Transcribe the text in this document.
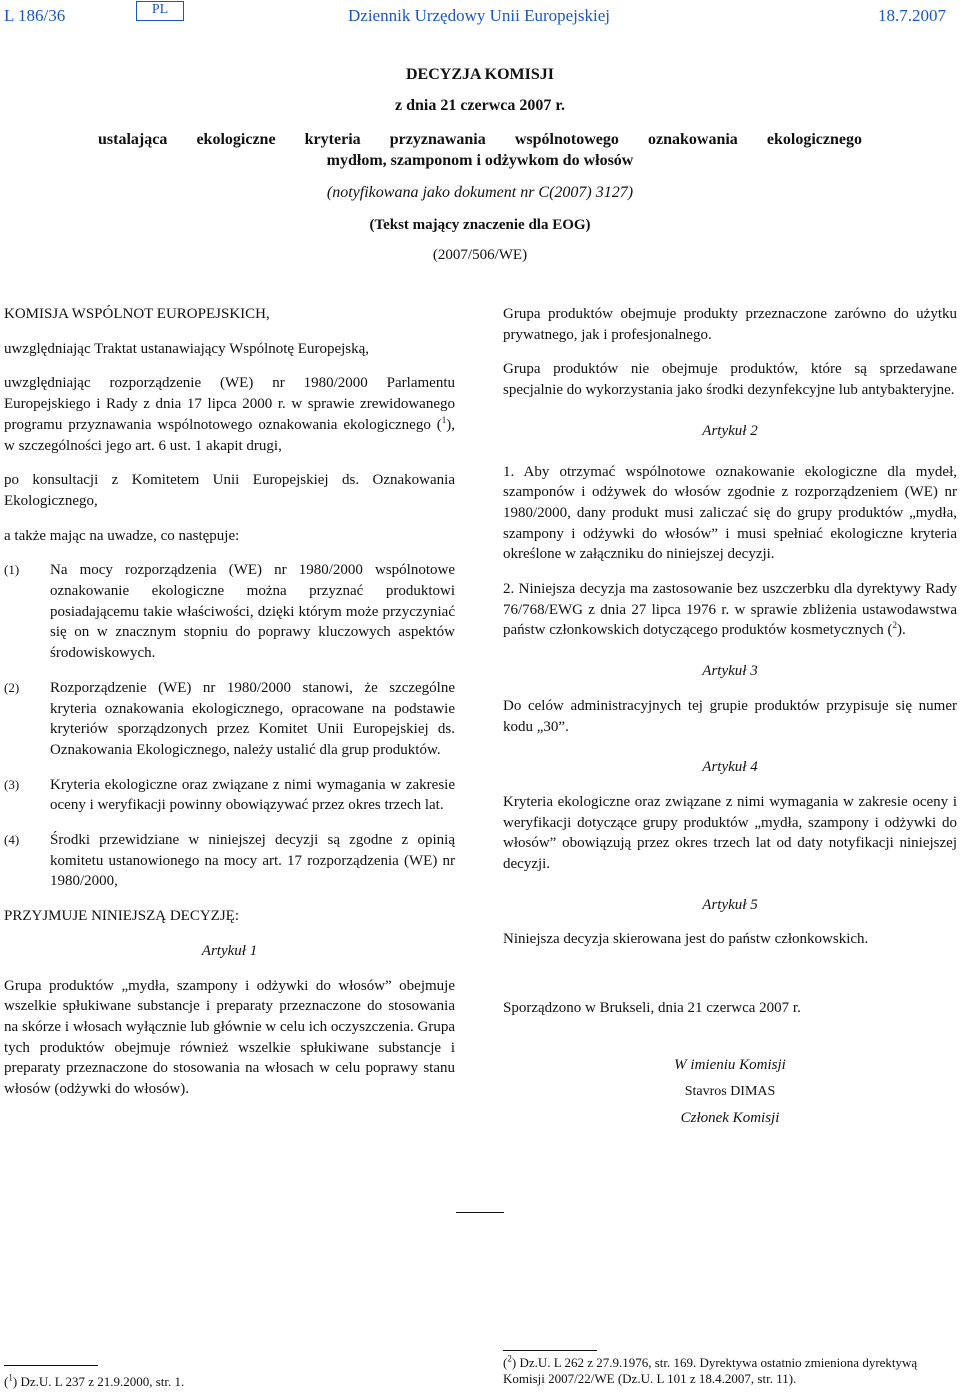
L 186/36	PL	Dziennik Urzędowy Unii Europejskiej	18.7.2007
DECYZJA KOMISJI
z dnia 21 czerwca 2007 r.
ustalająca ekologiczne kryteria przyznawania wspólnotowego oznakowania ekologicznego
mydłom, szamponom i odżywkom do włosów
(notyfikowana jako dokument nr C(2007) 3127)
(Tekst mający znaczenie dla EOG)
(2007/506/WE)

KOMISJA WSPÓLNOT EUROPEJSKICH,

uwzględniając Traktat ustanawiający Wspólnotę Europejską,

uwzględniając rozporządzenie (WE) nr 1980/2000 Parlamentu Europejskiego i Rady z dnia 17 lipca 2000 r. w sprawie zrewidowanego programu przyznawania wspólnotowego oznakowania ekologicznego ($^1$), w szczególności jego art. 6 ust. 1 akapit drugi,

po konsultacji z Komitetem Unii Europejskiej ds. Oznakowania Ekologicznego,

a także mając na uwadze, co następuje:

(1) Na mocy rozporządzenia (WE) nr 1980/2000 wspólnotowe oznakowanie ekologiczne można przyznać produktowi posiadającemu takie właściwości, dzięki którym może przyczyniać się on w znacznym stopniu do poprawy kluczowych aspektów środowiskowych.
(2) Rozporządzenie (WE) nr 1980/2000 stanowi, że szczególne kryteria oznakowania ekologicznego, opracowane na podstawie kryteriów sporządzonych przez Komitet Unii Europejskiej ds. Oznakowania Ekologicznego, należy ustalić dla grup produktów.
(3) Kryteria ekologiczne oraz związane z nimi wymagania w zakresie oceny i weryfikacji powinny obowiązywać przez okres trzech lat.
(4) Środki przewidziane w niniejszej decyzji są zgodne z opinią komitetu ustanowionego na mocy art. 17 rozporządzenia (WE) nr 1980/2000,

PRZYJMUJE NINIEJSZĄ DECYZJĘ:

Artykuł 1

Grupa produktów „mydła, szampony i odżywki do włosów” obejmuje wszelkie spłukiwane substancje i preparaty przeznaczone do stosowania na skórze i włosach wyłącznie lub głównie w celu ich oczyszczenia. Grupa tych produktów obejmuje również wszelkie spłukiwane substancje i preparaty przeznaczone do stosowania na włosach w celu poprawy stanu włosów (odżywki do włosów).

Grupa produktów obejmuje produkty przeznaczone zarówno do użytku prywatnego, jak i profesjonalnego.

Grupa produktów nie obejmuje produktów, które są sprzedawane specjalnie do wykorzystania jako środki dezynfekcyjne lub antybakteryjne.

Artykuł 2

1. Aby otrzymać wspólnotowe oznakowanie ekologiczne dla mydeł, szamponów i odżywek do włosów zgodnie z rozporządzeniem (WE) nr 1980/2000, dany produkt musi zaliczać się do grupy produktów „mydła, szampony i odżywki do włosów” i musi spełniać ekologiczne kryteria określone w załączniku do niniejszej decyzji.

2. Niniejsza decyzja ma zastosowanie bez uszczerbku dla dyrektywy Rady 76/768/EWG z dnia 27 lipca 1976 r. w sprawie zbliżenia ustawodawstwa państw członkowskich dotyczącego produktów kosmetycznych ($^2$).

Artykuł 3

Do celów administracyjnych tej grupie produktów przypisuje się numer kodu „30”.

Artykuł 4

Kryteria ekologiczne oraz związane z nimi wymagania w zakresie oceny i weryfikacji dotyczące grupy produktów „mydła, szampony i odżywki do włosów” obowiązują przez okres trzech lat od daty notyfikacji niniejszej decyzji.

Artykuł 5

Niniejsza decyzja skierowana jest do państw członkowskich.

Sporządzono w Brukseli, dnia 21 czerwca 2007 r.

W imieniu Komisji

Stavros DIMAS

Członek Komisji

($^1$) Dz.U. L 237 z 21.9.2000, str. 1.
($^2$) Dz.U. L 262 z 27.9.1976, str. 169. Dyrektywa ostatnio zmieniona dyrektywą Komisji 2007/22/WE (Dz.U. L 101 z 18.4.2007, str. 11).
